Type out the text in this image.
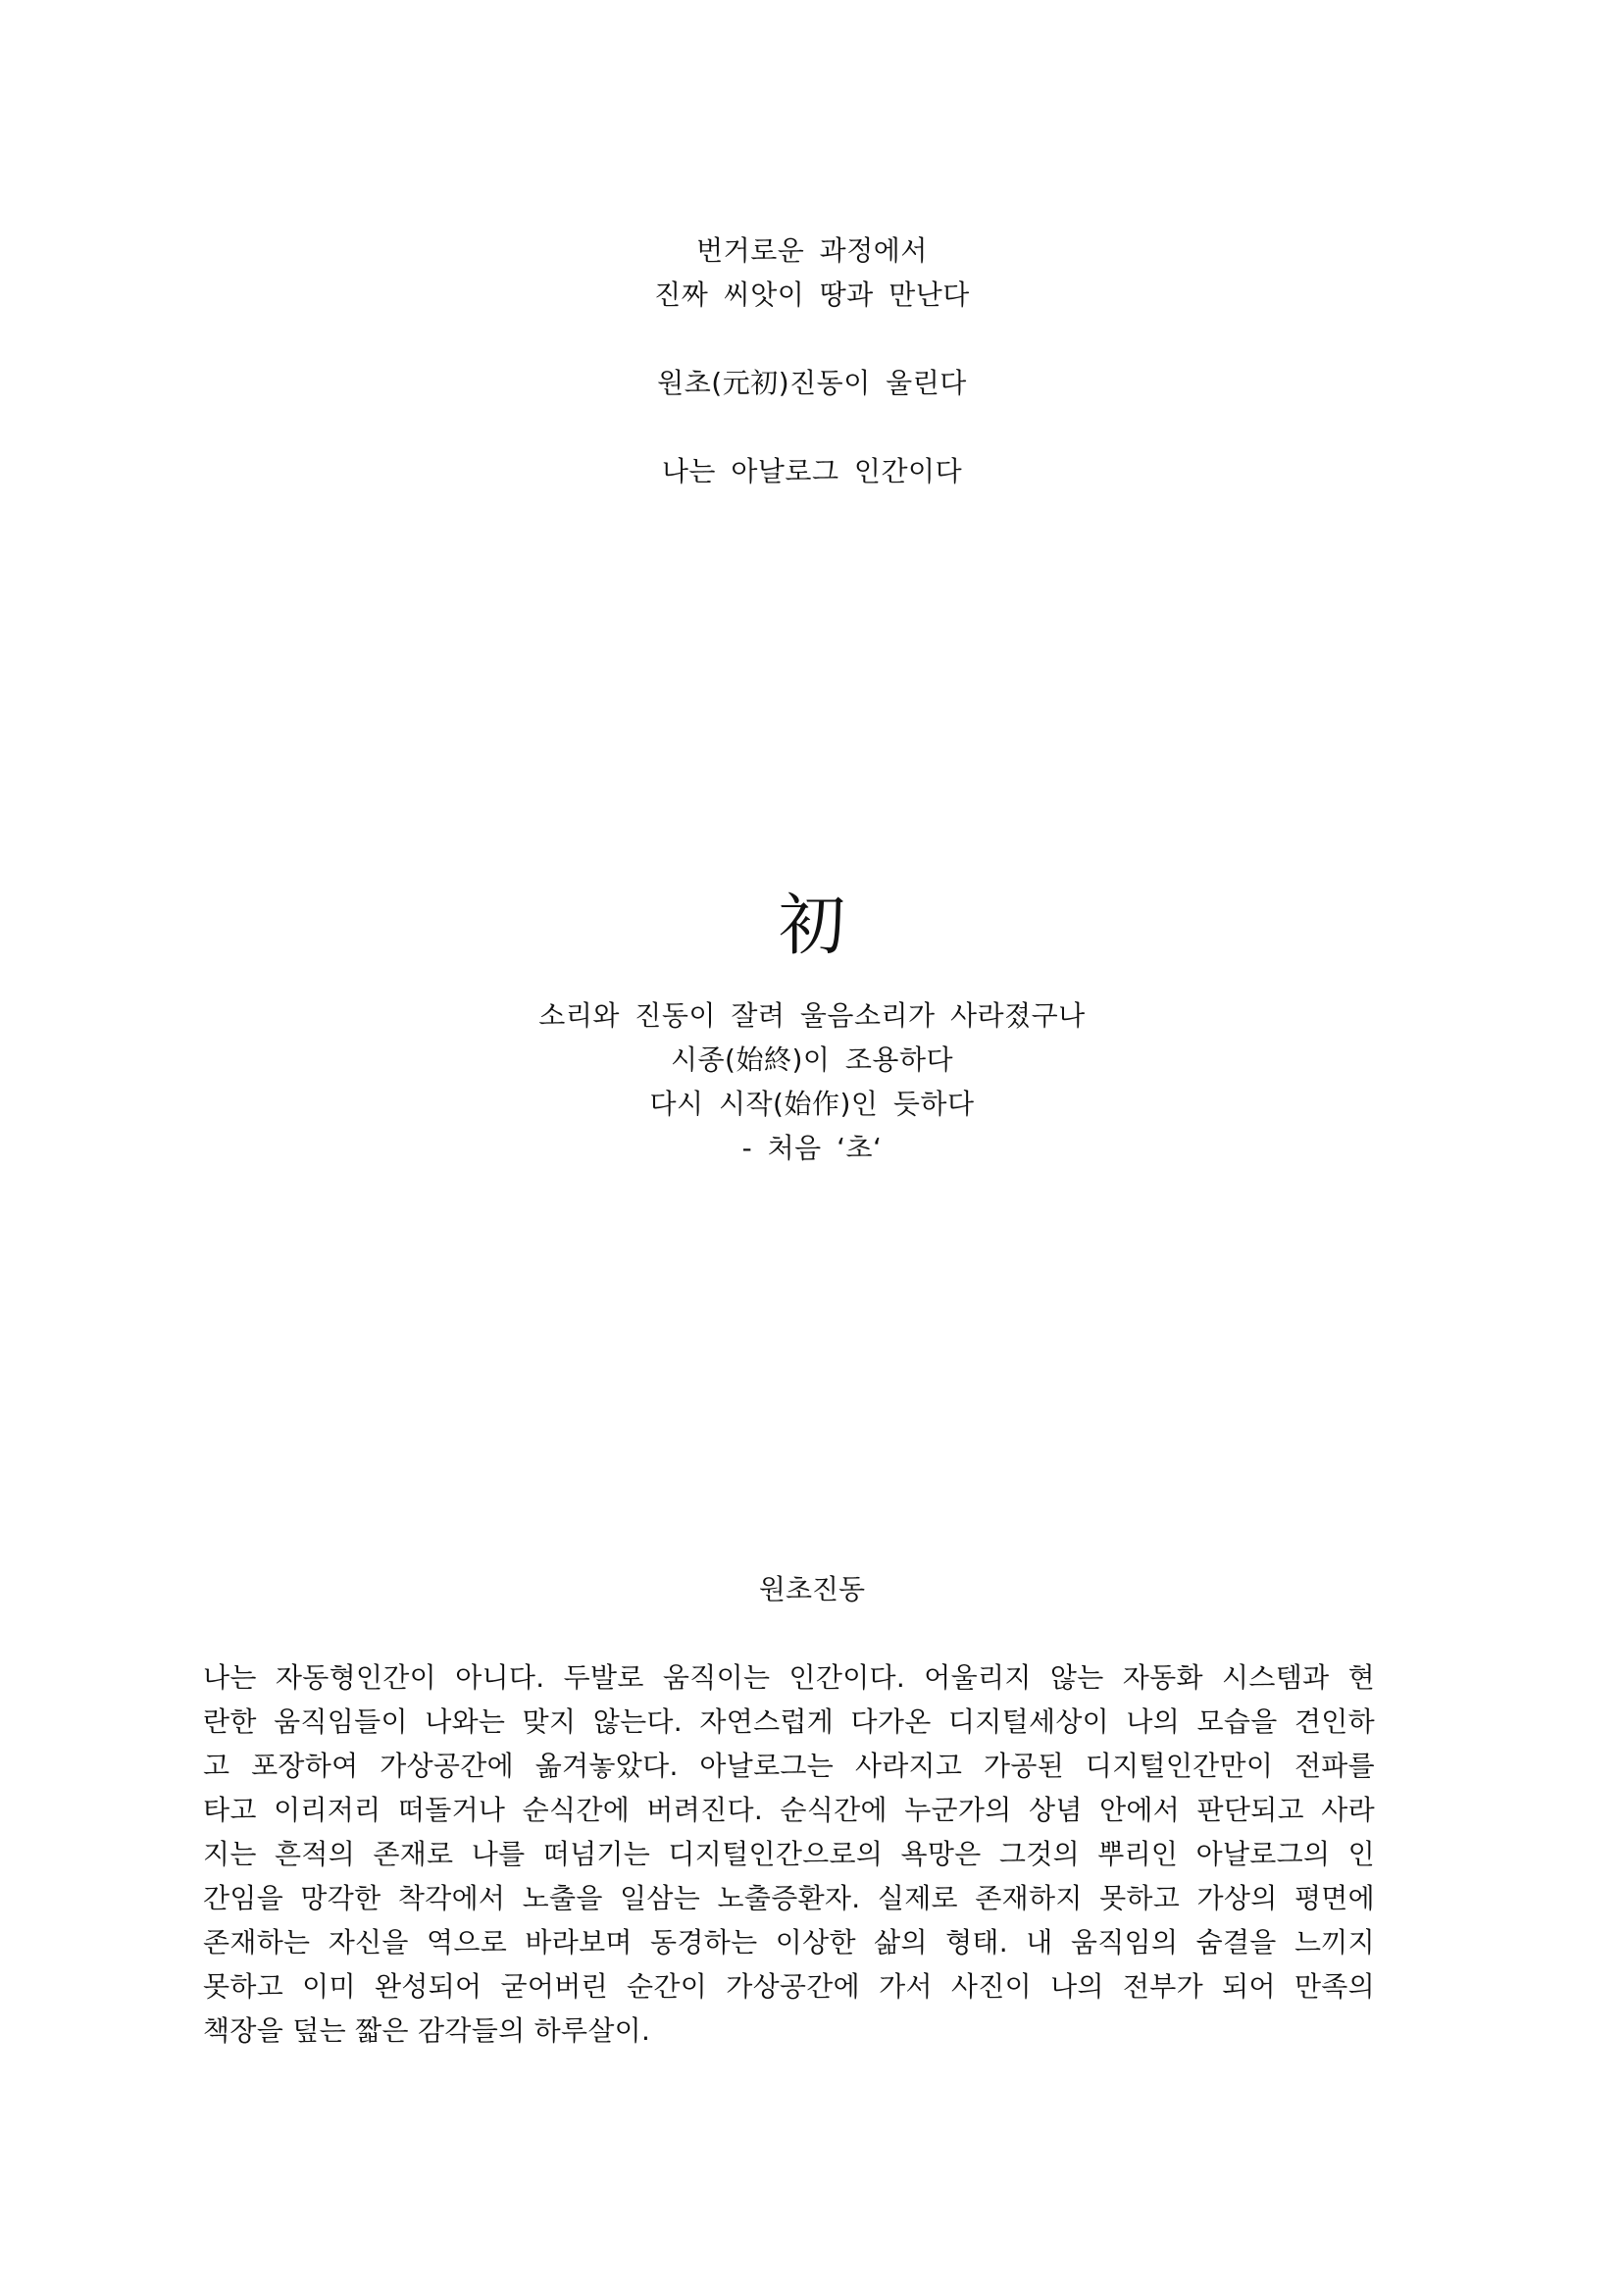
번거로운 과정에서
진짜 씨앗이 땅과 만난다
원초(元初)진동이 울린다
나는 아날로그 인간이다
初
소리와 진동이 잘려 울음소리가 사라졌구나
시종(始終)이 조용하다
다시 시작(始作)인 듯하다
- 처음 ‘초‘
원초진동
나는 자동형인간이 아니다. 두발로 움직이는 인간이다. 어울리지 않는 자동화 시스템과 현
란한 움직임들이 나와는 맞지 않는다. 자연스럽게 다가온 디지털세상이 나의 모습을 견인하
고 포장하여 가상공간에 옮겨놓았다. 아날로그는 사라지고 가공된 디지털인간만이 전파를
타고 이리저리 떠돌거나 순식간에 버려진다. 순식간에 누군가의 상념 안에서 판단되고 사라
지는 흔적의 존재로 나를 떠넘기는 디지털인간으로의 욕망은 그것의 뿌리인 아날로그의 인
간임을 망각한 착각에서 노출을 일삼는 노출증환자. 실제로 존재하지 못하고 가상의 평면에
존재하는 자신을 역으로 바라보며 동경하는 이상한 삶의 형태. 내 움직임의 숨결을 느끼지
못하고 이미 완성되어 굳어버린 순간이 가상공간에 가서 사진이 나의 전부가 되어 만족의
책장을 덮는 짧은 감각들의 하루살이.
